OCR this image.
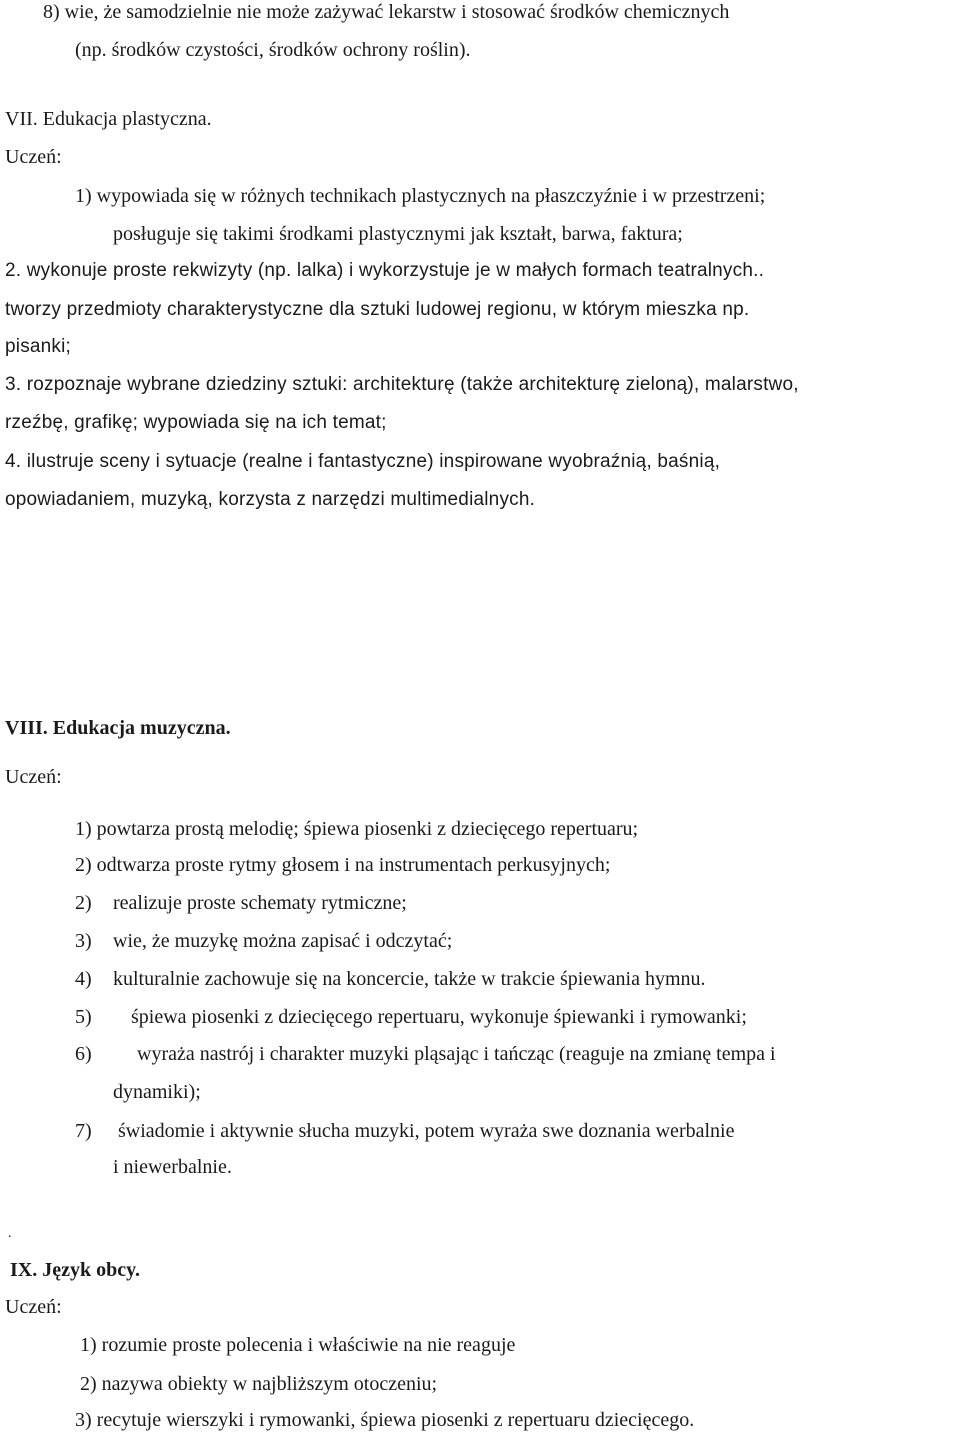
8) wie, że samodzielnie nie może zażywać lekarstw i stosować środków chemicznych
(np. środków czystości, środków ochrony roślin).
VII. Edukacja plastyczna.
Uczeń:
1) wypowiada się w różnych technikach plastycznych na płaszczyźnie i w przestrzeni;
posługuje się takimi środkami plastycznymi jak kształt, barwa, faktura;
2. wykonuje proste rekwizyty (np. lalka) i wykorzystuje je w małych formach teatralnych..
tworzy przedmioty charakterystyczne dla sztuki ludowej regionu, w którym mieszka np.
pisanki;
3. rozpoznaje wybrane dziedziny sztuki: architekturę (także architekturę zieloną), malarstwo,
rzeźbę, grafikę; wypowiada się na ich temat;
4. ilustruje sceny i sytuacje (realne i fantastyczne) inspirowane wyobraźnią, baśnią,
opowiadaniem, muzyką, korzysta z narzędzi multimedialnych.
VIII. Edukacja muzyczna.
Uczeń:
1) powtarza prostą melodię; śpiewa piosenki z dziecięcego repertuaru;
2) odtwarza proste rytmy głosem i na instrumentach perkusyjnych;
2) realizuje proste schematy rytmiczne;
3) wie, że muzykę można zapisać i odczytać;
4) kulturalnie zachowuje się na koncercie, także w trakcie śpiewania hymnu.
5) śpiewa piosenki z dziecięcego repertuaru, wykonuje śpiewanki i rymowanki;
6) wyraża nastrój i charakter muzyki pląsając i tańcząc (reaguje na zmianę tempa i
dynamiki);
7) świadomie i aktywnie słucha muzyki, potem wyraża swe doznania werbalnie
i niewerbalnie.
.
IX. Język obcy.
Uczeń:
1) rozumie proste polecenia i właściwie na nie reaguje
2) nazywa obiekty w najbliższym otoczeniu;
3) recytuje wierszyki i rymowanki, śpiewa piosenki z repertuaru dziecięcego.
